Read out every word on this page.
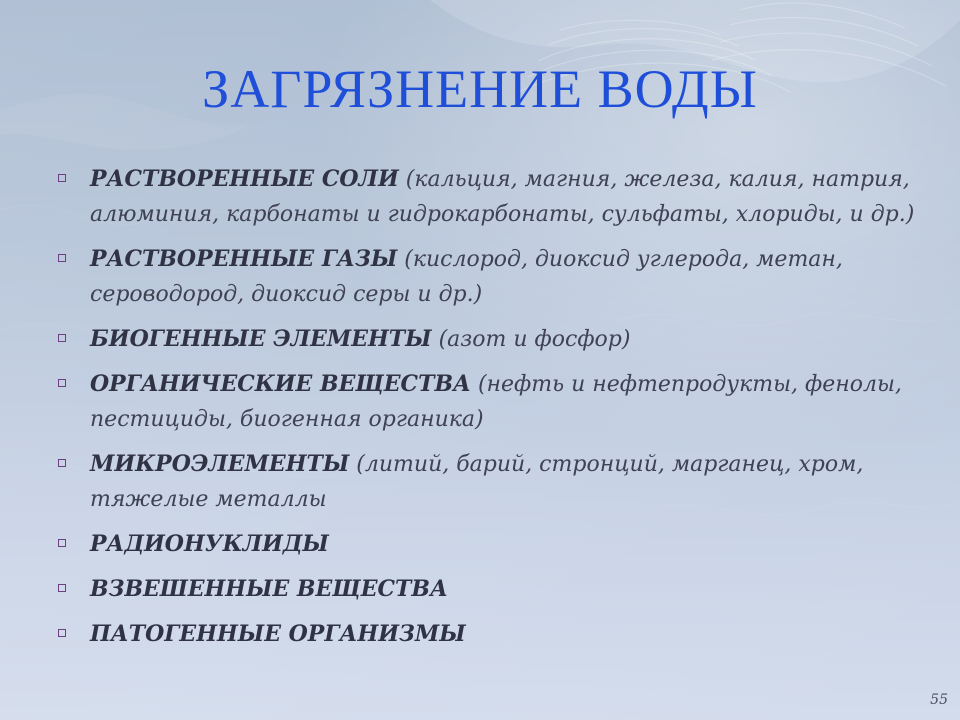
ЗАГРЯЗНЕНИЕ ВОДЫ
РАСТВОРЕННЫЕ СОЛИ (кальция, магния, железа, калия, натрия, алюминия, карбонаты и гидрокарбонаты, сульфаты, хлориды, и др.)
РАСТВОРЕННЫЕ ГАЗЫ (кислород, диоксид углерода, метан, сероводород, диоксид серы и др.)
БИОГЕННЫЕ ЭЛЕМЕНТЫ (азот и фосфор)
ОРГАНИЧЕСКИЕ ВЕЩЕСТВА (нефть и нефтепродукты, фенолы, пестициды, биогенная органика)
МИКРОЭЛЕМЕНТЫ (литий, барий, стронций, марганец, хром, тяжелые металлы
РАДИОНУКЛИДЫ
ВЗВЕШЕННЫЕ ВЕЩЕСТВА
ПАТОГЕННЫЕ ОРГАНИЗМЫ
55
